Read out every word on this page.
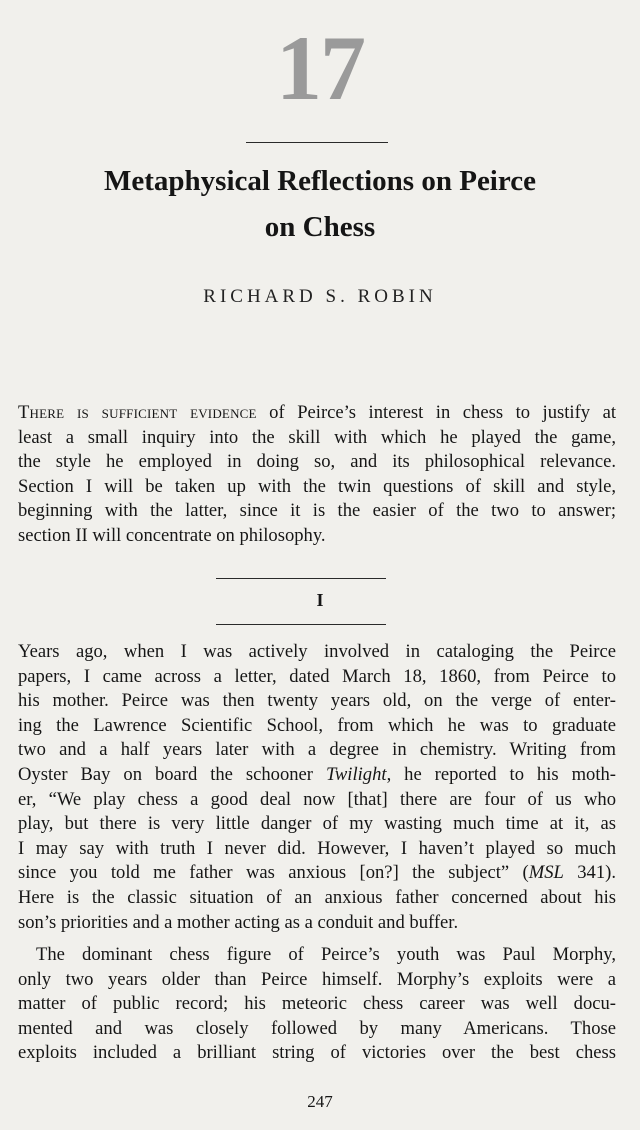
17
Metaphysical Reflections on Peirce
on Chess
RICHARD S. ROBIN
There is sufficient evidence of Peirce’s interest in chess to justify at
least a small inquiry into the skill with which he played the game,
the style he employed in doing so, and its philosophical relevance.
Section I will be taken up with the twin questions of skill and style,
beginning with the latter, since it is the easier of the two to answer;
section II will concentrate on philosophy.
I
Years ago, when I was actively involved in cataloging the Peirce
papers, I came across a letter, dated March 18, 1860, from Peirce to
his mother. Peirce was then twenty years old, on the verge of enter-
ing the Lawrence Scientific School, from which he was to graduate
two and a half years later with a degree in chemistry. Writing from
Oyster Bay on board the schooner Twilight, he reported to his moth-
er, “We play chess a good deal now [that] there are four of us who
play, but there is very little danger of my wasting much time at it, as
I may say with truth I never did. However, I haven’t played so much
since you told me father was anxious [on?] the subject” (MSL 341).
Here is the classic situation of an anxious father concerned about his
son’s priorities and a mother acting as a conduit and buffer.
The dominant chess figure of Peirce’s youth was Paul Morphy,
only two years older than Peirce himself. Morphy’s exploits were a
matter of public record; his meteoric chess career was well docu-
mented and was closely followed by many Americans. Those
exploits included a brilliant string of victories over the best chess
247
